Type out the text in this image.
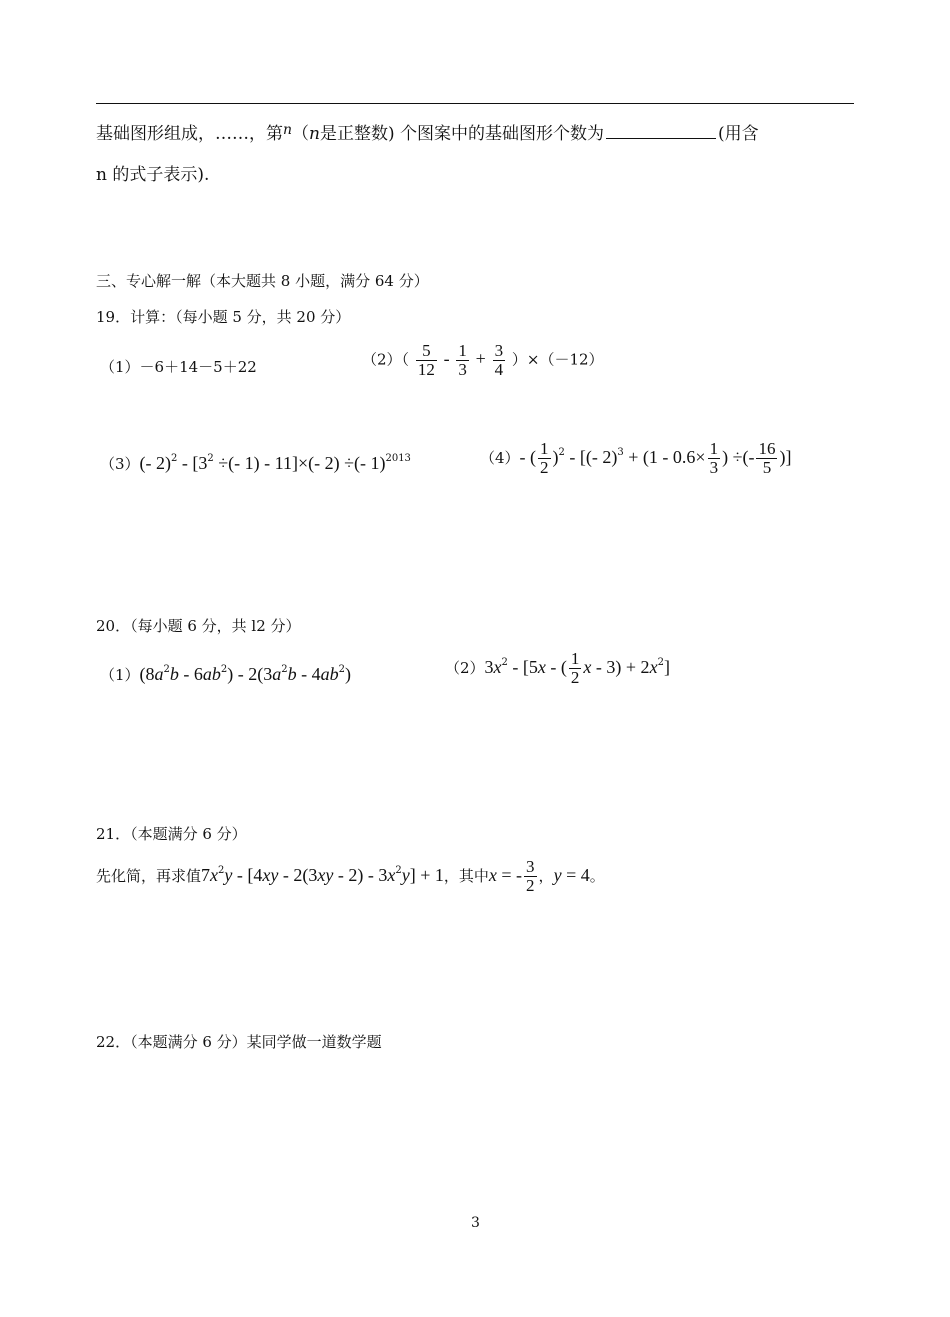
基础图形组成，……，第$^n$（n是正整数) 个图案中的基础图形个数为	(用含
n 的式子表示).
三、专心解一解（本大题共 8 小题，满分 64 分）
19．计算：（每小题 5 分，共 20 分）
（1）－6＋14－5＋22	$(2)( \frac{5}{12} - \frac{1}{3} + \frac{3}{4} )\times(-12)$
（3）(- $2)^2 - [3^2$ ÷(- 1) - 11]×(- 2) ÷(- 1)$^{2013}$	（4）- ( $\frac{1}{2} )^2$ - [(- $2)^3 + (1 - 0.6\times \frac{1}{3}$ ) ÷(- $\frac{16}{5}$ )]
20．（每小题 6 分，共 l2 分）
$(1)(8a^2b - 6ab^2) - 2(3a^2b - 4ab^2)$	$(2)3x^2 - [5x$ - ( $\frac{1}{2}$ $x - 3) + 2x^2$]
21．（本题满分 6 分）
先化简，再求值$7x^2y - [4xy - 2(3xy - 2) - 3x^2y] + 1$，其中x = - $\frac{3}{2}$ ，y = 4。
22．（本题满分 6 分）某同学做一道数学题
3
